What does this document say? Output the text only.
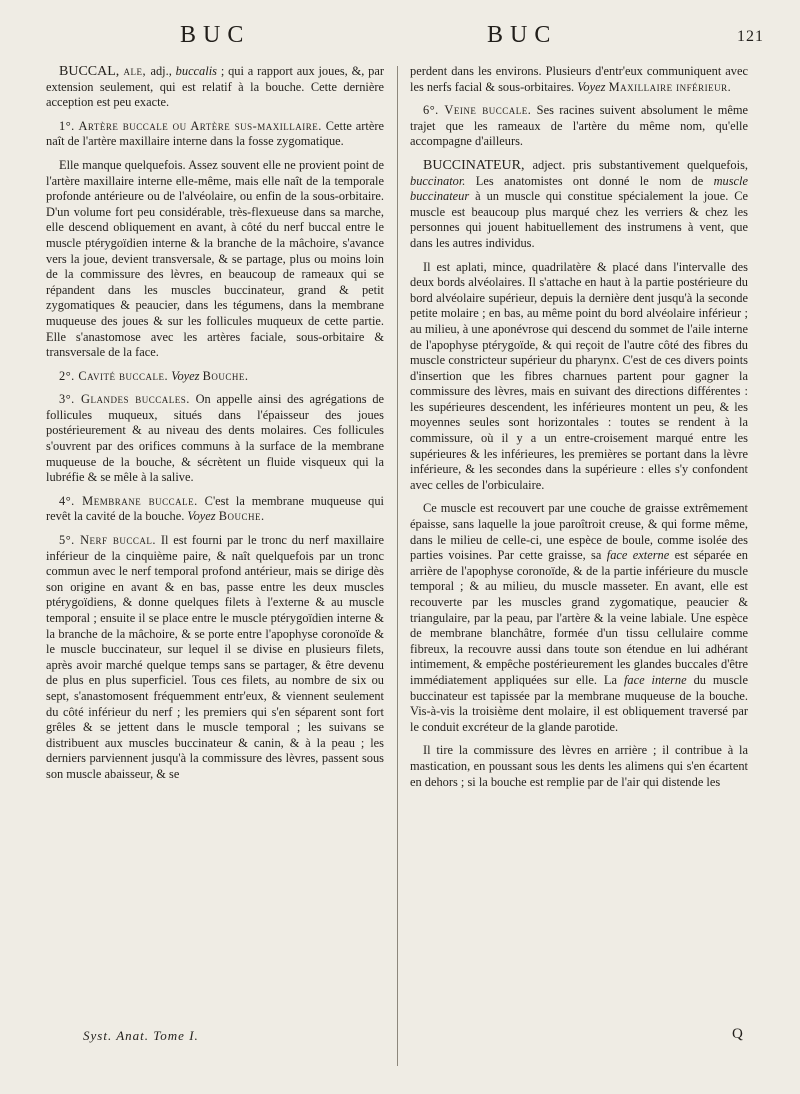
BUC	BUC	121

BUCCAL, ale, adj., buccalis ; qui a rapport aux joues, &, par extension seulement, qui est relatif à la bouche. Cette dernière acception est peu exacte.

1°. Artère buccale ou Artère sus-maxillaire. Cette artère naît de l'artère maxillaire interne dans la fosse zygomatique.

Elle manque quelquefois. Assez souvent elle ne provient point de l'artère maxillaire interne elle-même, mais elle naît de la temporale profonde antérieure ou de l'alvéolaire, ou enfin de la sous-orbitaire. D'un volume fort peu considérable, très-flexueuse dans sa marche, elle descend obliquement en avant, à côté du nerf buccal entre le muscle ptérygoïdien interne & la branche de la mâchoire, s'avance vers la joue, devient transversale, & se partage, plus ou moins loin de la commissure des lèvres, en beaucoup de rameaux qui se répandent dans les muscles buccinateur, grand & petit zygomatiques & peaucier, dans les tégumens, dans la membrane muqueuse des joues & sur les follicules muqueux de cette partie. Elle s'anastomose avec les artères faciale, sous-orbitaire & transversale de la face.

2°. Cavité buccale. Voyez Bouche.

3°. Glandes buccales. On appelle ainsi des agrégations de follicules muqueux, situés dans l'épaisseur des joues postérieurement & au niveau des dents molaires. Ces follicules s'ouvrent par des orifices communs à la surface de la membrane muqueuse de la bouche, & sécrètent un fluide visqueux qui la lubréfie & se mêle à la salive.

4°. Membrane buccale. C'est la membrane muqueuse qui revêt la cavité de la bouche. Voyez Bouche.

5°. Nerf buccal. Il est fourni par le tronc du nerf maxillaire inférieur de la cinquième paire, & naît quelquefois par un tronc commun avec le nerf temporal profond antérieur, mais se dirige dès son origine en avant & en bas, passe entre les deux muscles ptérygoïdiens, & donne quelques filets à l'externe & au muscle temporal ; ensuite il se place entre le muscle ptérygoïdien interne & la branche de la mâchoire, & se porte entre l'apophyse coronoïde & le muscle buccinateur, sur lequel il se divise en plusieurs filets, après avoir marché quelque temps sans se partager, & être devenu de plus en plus superficiel. Tous ces filets, au nombre de six ou sept, s'anastomosent fréquemment entr'eux, & viennent seulement du côté inférieur du nerf ; les premiers qui s'en séparent sont fort grêles & se jettent dans le muscle temporal ; les suivans se distribuent aux muscles buccinateur & canin, & à la peau ; les derniers parviennent jusqu'à la commissure des lèvres, passent sous son muscle abaisseur, & se

perdent dans les environs. Plusieurs d'entr'eux communiquent avec les nerfs facial & sous-orbitaires. Voyez Maxillaire inférieur.

6°. Veine buccale. Ses racines suivent absolument le même trajet que les rameaux de l'artère du même nom, qu'elle accompagne d'ailleurs.

BUCCINATEUR, adject. pris substantivement quelquefois, buccinator. Les anatomistes ont donné le nom de muscle buccinateur à un muscle qui constitue spécialement la joue. Ce muscle est beaucoup plus marqué chez les verriers & chez les personnes qui jouent habituellement des instrumens à vent, que dans les autres individus.

Il est aplati, mince, quadrilatère & placé dans l'intervalle des deux bords alvéolaires. Il s'attache en haut à la partie postérieure du bord alvéolaire supérieur, depuis la dernière dent jusqu'à la seconde petite molaire ; en bas, au même point du bord alvéolaire inférieur ; au milieu, à une aponévrose qui descend du sommet de l'aile interne de l'apophyse ptérygoïde, & qui reçoit de l'autre côté des fibres du muscle constricteur supérieur du pharynx. C'est de ces divers points d'insertion que les fibres charnues partent pour gagner la commissure des lèvres, mais en suivant des directions différentes : les supérieures descendent, les inférieures montent un peu, & les moyennes seules sont horizontales : toutes se rendent à la commissure, où il y a un entre-croisement marqué entre les supérieures & les inférieures, les premières se portant dans la lèvre inférieure, & les secondes dans la supérieure : elles s'y confondent avec celles de l'orbiculaire.

Ce muscle est recouvert par une couche de graisse extrêmement épaisse, sans laquelle la joue paroîtroit creuse, & qui forme même, dans le milieu de celle-ci, une espèce de boule, comme isolée des parties voisines. Par cette graisse, sa face externe est séparée en arrière de l'apophyse coronoïde, & de la partie inférieure du muscle temporal ; & au milieu, du muscle masseter. En avant, elle est recouverte par les muscles grand zygomatique, peaucier & triangulaire, par la peau, par l'artère & la veine labiale. Une espèce de membrane blanchâtre, formée d'un tissu cellulaire comme fibreux, la recouvre aussi dans toute son étendue en lui adhérant intimement, & empêche postérieurement les glandes buccales d'être immédiatement appliquées sur elle. La face interne du muscle buccinateur est tapissée par la membrane muqueuse de la bouche. Vis-à-vis la troisième dent molaire, il est obliquement traversé par le conduit excréteur de la glande parotide.

Il tire la commissure des lèvres en arrière ; il contribue à la mastication, en poussant sous les dents les alimens qui s'en écartent en dehors ; si la bouche est remplie par de l'air qui distende les

Syst. Anat. Tome I.	Q
